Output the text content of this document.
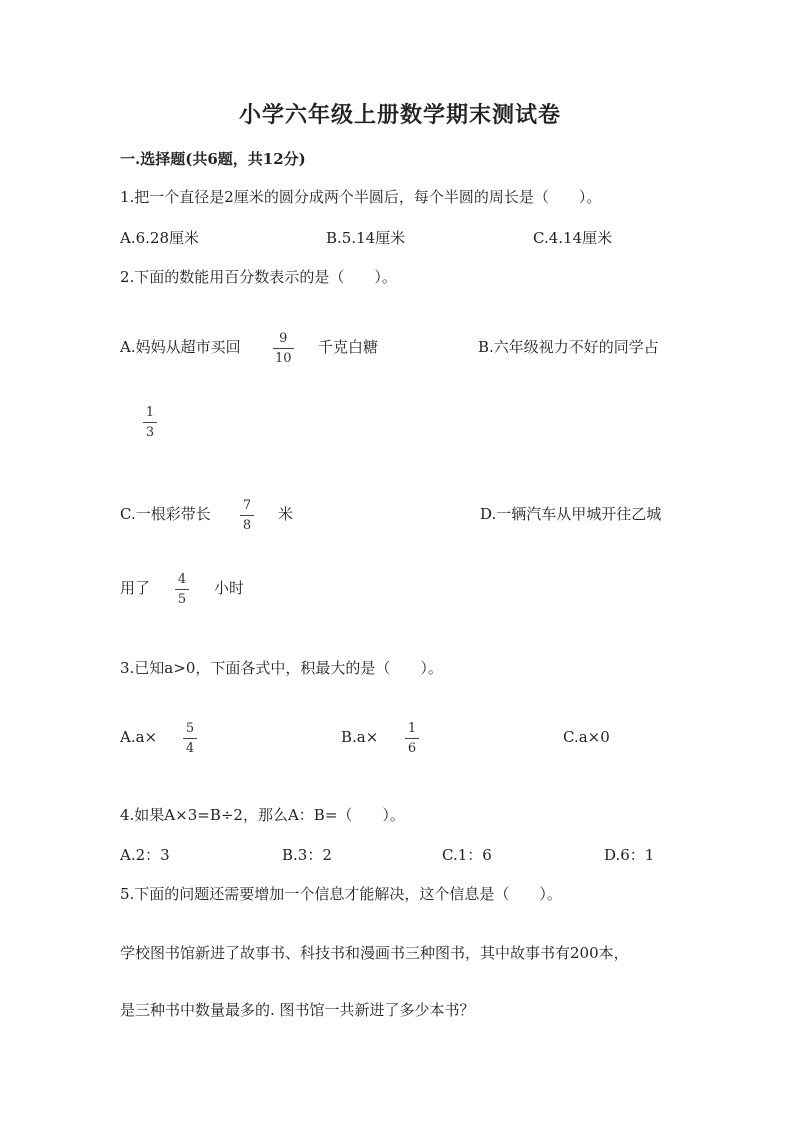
小学六年级上册数学期末测试卷
一.选择题(共6题，共12分)
1.把一个直径是2厘米的圆分成两个半圆后，每个半圆的周长是（　　）。
A.6.28厘米	B.5.14厘米	C.4.14厘米
2.下面的数能用百分数表示的是（　　）。
A.妈妈从超市买回	9
10
千克白糖	B.六年级视力不好的同学占
1
3
C.一根彩带长 7
8
米	D.一辆汽车从甲城开往乙城
用了 4
5
小时
3.已知a>0，下面各式中，积最大的是（　　）。
A.a× 5
4
B.a× 1
6
C.a×0
4.如果A×3=B÷2，那么A：B=（　　）。
A.2：3	B.3：2	C.1：6	D.6：1
5.下面的问题还需要增加一个信息才能解决，这个信息是（　　）。
学校图书馆新进了故事书、科技书和漫画书三种图书，其中故事书有200本，
是三种书中数量最多的. 图书馆一共新进了多少本书？
